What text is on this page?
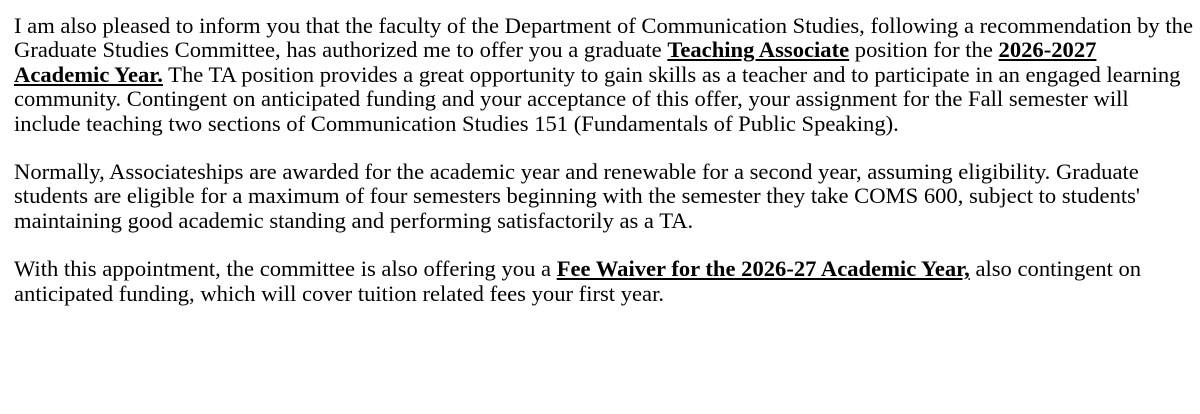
I am also pleased to inform you that the faculty of the Department of Communication Studies, following a recommendation by the Graduate Studies Committee, has authorized me to offer you a graduate Teaching Associate position for the 2026-2027 Academic Year. The TA position provides a great opportunity to gain skills as a teacher and to participate in an engaged learning community. Contingent on anticipated funding and your acceptance of this offer, your assignment for the Fall semester will include teaching two sections of Communication Studies 151 (Fundamentals of Public Speaking).

Normally, Associateships are awarded for the academic year and renewable for a second year, assuming eligibility. Graduate students are eligible for a maximum of four semesters beginning with the semester they take COMS 600, subject to students' maintaining good academic standing and performing satisfactorily as a TA.

With this appointment, the committee is also offering you a Fee Waiver for the 2026-27 Academic Year, also contingent on anticipated funding, which will cover tuition related fees your first year.
